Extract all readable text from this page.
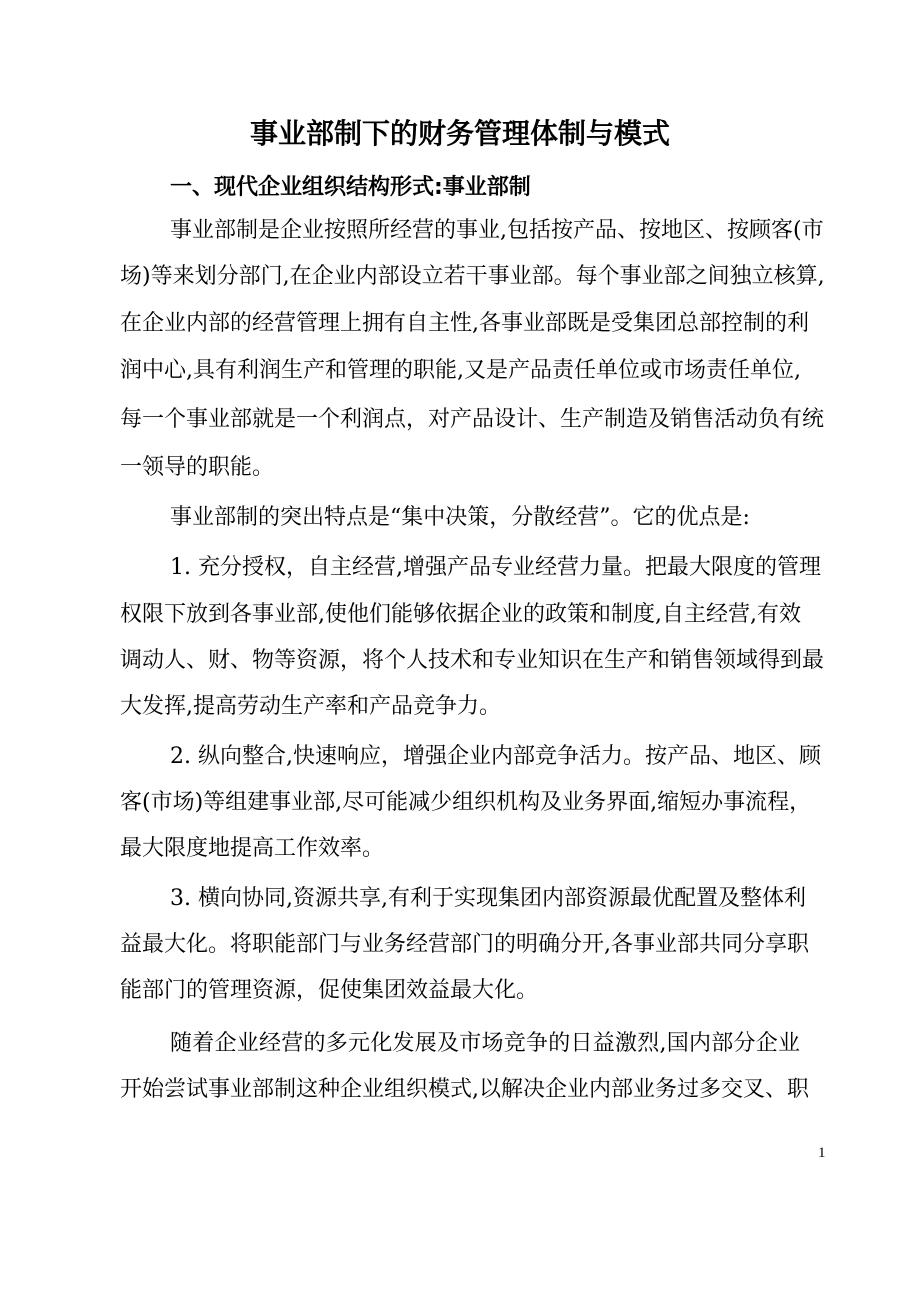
事业部制下的财务管理体制与模式
一、现代企业组织结构形式:事业部制
事业部制是企业按照所经营的事业,包括按产品、按地区、按顾客(市
场)等来划分部门,在企业内部设立若干事业部。每个事业部之间独立核算,
在企业内部的经营管理上拥有自主性,各事业部既是受集团总部控制的利
润中心,具有利润生产和管理的职能,又是产品责任单位或市场责任单位,
每一个事业部就是一个利润点，对产品设计、生产制造及销售活动负有统
一领导的职能。
事业部制的突出特点是“集中决策，分散经营”。它的优点是:
1. 充分授权，自主经营,增强产品专业经营力量。把最大限度的管理
权限下放到各事业部,使他们能够依据企业的政策和制度,自主经营,有效
调动人、财、物等资源，将个人技术和专业知识在生产和销售领域得到最
大发挥,提高劳动生产率和产品竞争力。
2. 纵向整合,快速响应，增强企业内部竞争活力。按产品、地区、顾
客(市场)等组建事业部,尽可能减少组织机构及业务界面,缩短办事流程，
最大限度地提高工作效率。
3. 横向协同,资源共享,有利于实现集团内部资源最优配置及整体利
益最大化。将职能部门与业务经营部门的明确分开,各事业部共同分享职
能部门的管理资源，促使集团效益最大化。
随着企业经营的多元化发展及市场竞争的日益激烈,国内部分企业
开始尝试事业部制这种企业组织模式,以解决企业内部业务过多交叉、职
1
